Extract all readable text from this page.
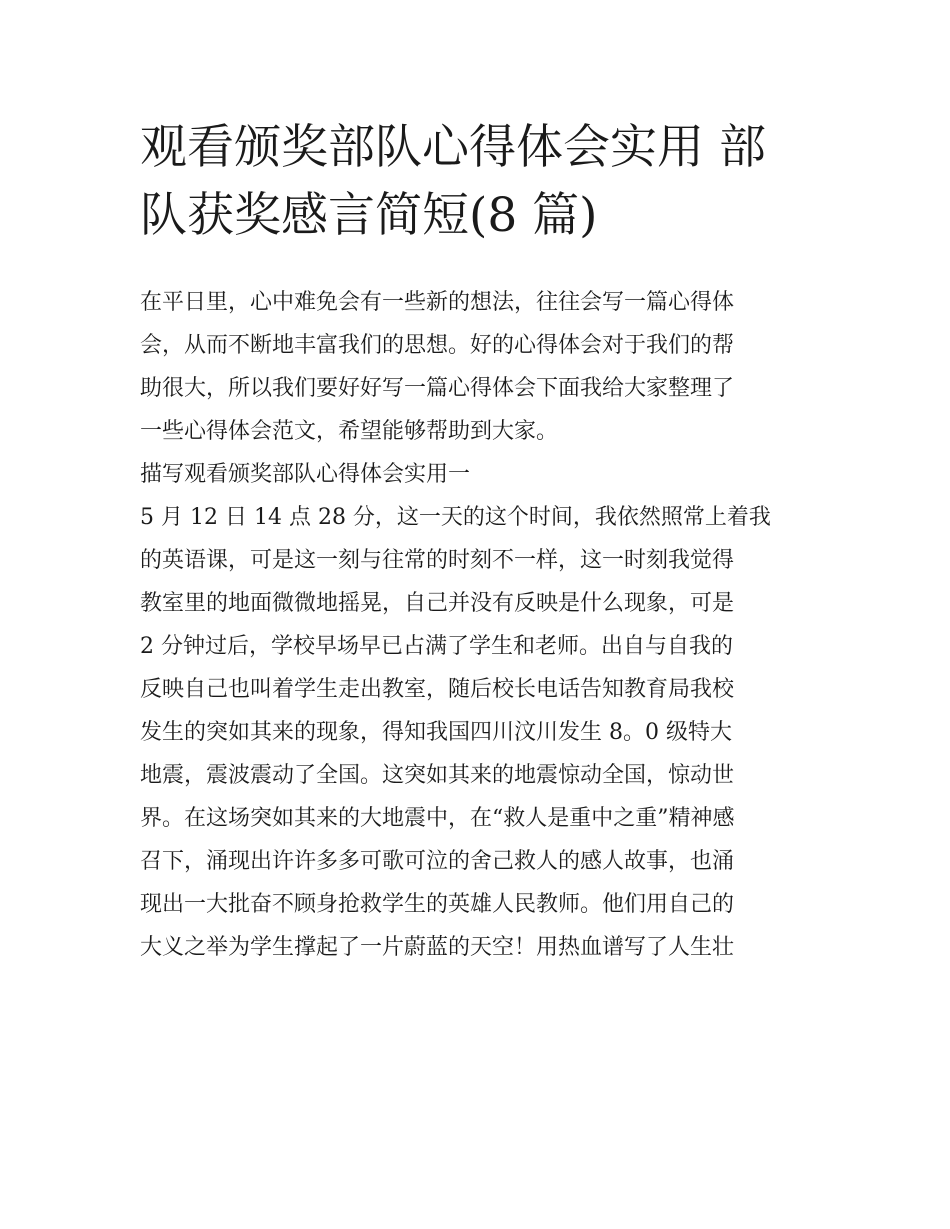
观看颁奖部队心得体会实用 部
队获奖感言简短(8 篇)
在平日里，心中难免会有一些新的想法，往往会写一篇心得体
会，从而不断地丰富我们的思想。好的心得体会对于我们的帮
助很大，所以我们要好好写一篇心得体会下面我给大家整理了
一些心得体会范文，希望能够帮助到大家。
描写观看颁奖部队心得体会实用一
5 月 12 日 14 点 28 分，这一天的这个时间，我依然照常上着我
的英语课，可是这一刻与往常的时刻不一样，这一时刻我觉得
教室里的地面微微地摇晃，自己并没有反映是什么现象，可是
2 分钟过后，学校早场早已占满了学生和老师。出自与自我的
反映自己也叫着学生走出教室，随后校长电话告知教育局我校
发生的突如其来的现象，得知我国四川汶川发生 8。0 级特大
地震，震波震动了全国。这突如其来的地震惊动全国，惊动世
界。在这场突如其来的大地震中，在“救人是重中之重”精神感
召下，涌现出许许多多可歌可泣的舍己救人的感人故事，也涌
现出一大批奋不顾身抢救学生的英雄人民教师。他们用自己的
大义之举为学生撑起了一片蔚蓝的天空！用热血谱写了人生壮
